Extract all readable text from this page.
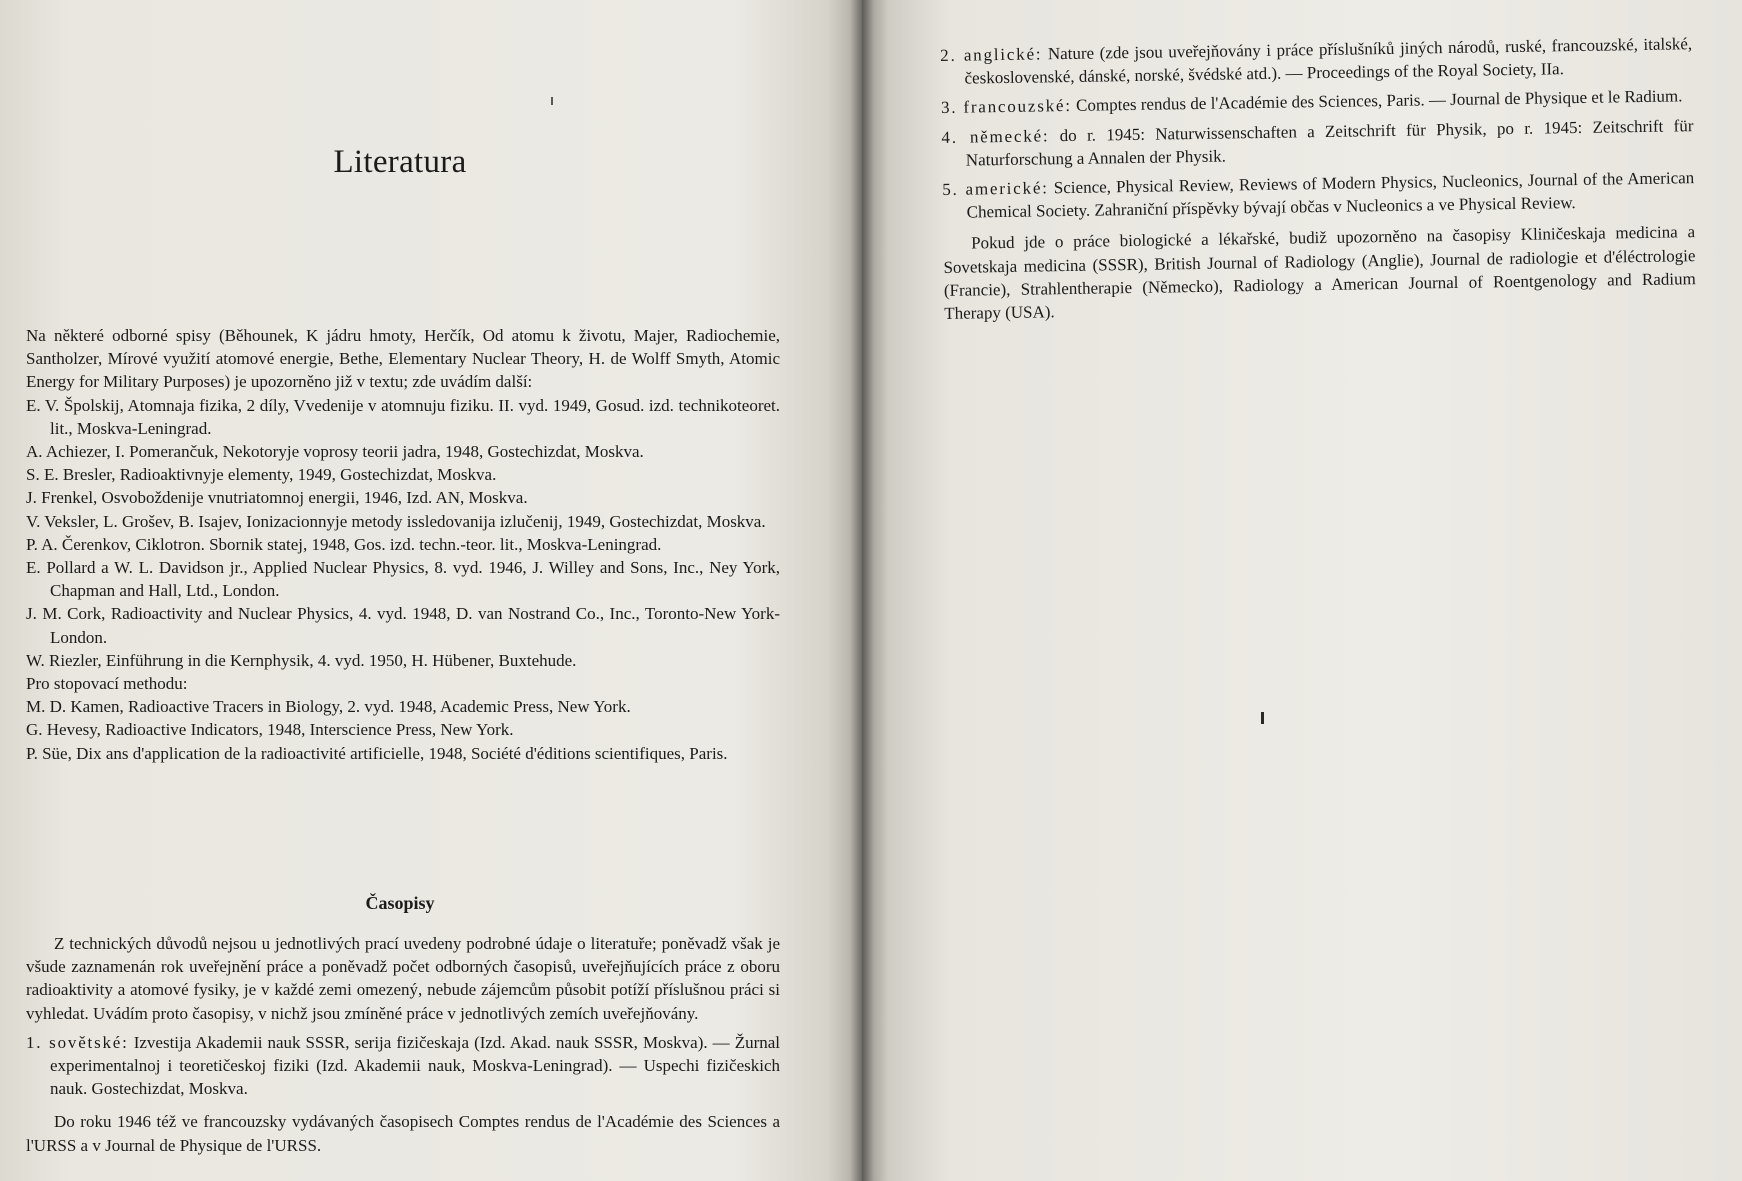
Literatura

Na některé odborné spisy (Běhounek, K jádru hmoty, Herčík, Od atomu k životu, Majer, Radiochemie, Santholzer, Mírové využití atomové energie, Bethe, Elementary Nuclear Theory, H. de Wolff Smyth, Atomic Energy for Military Purposes) je upozorněno již v textu; zde uvádím další:

E. V. Špolskij, Atomnaja fizika, 2 díly, Vvedenije v atomnuju fiziku. II. vyd. 1949, Gosud. izd. technikoteoret. lit., Moskva-Leningrad.

A. Achiezer, I. Pomerančuk, Nekotoryje voprosy teorii jadra, 1948, Gostechizdat, Moskva.

S. E. Bresler, Radioaktivnyje elementy, 1949, Gostechizdat, Moskva.

J. Frenkel, Osvoboždenije vnutriatomnoj energii, 1946, Izd. AN, Moskva.

V. Veksler, L. Grošev, B. Isajev, Ionizacionnyje metody issledovanija izlučenij, 1949, Gostechizdat, Moskva.

P. A. Čerenkov, Ciklotron. Sbornik statej, 1948, Gos. izd. techn.-teor. lit., Moskva-Leningrad.

E. Pollard a W. L. Davidson jr., Applied Nuclear Physics, 8. vyd. 1946, J. Willey and Sons, Inc., Ney York, Chapman and Hall, Ltd., London.

J. M. Cork, Radioactivity and Nuclear Physics, 4. vyd. 1948, D. van Nostrand Co., Inc., Toronto-New York-London.

W. Riezler, Einführung in die Kernphysik, 4. vyd. 1950, H. Hübener, Buxtehude.

Pro stopovací methodu:

M. D. Kamen, Radioactive Tracers in Biology, 2. vyd. 1948, Academic Press, New York.

G. Hevesy, Radioactive Indicators, 1948, Interscience Press, New York.

P. Süe, Dix ans d'application de la radioactivité artificielle, 1948, Société d'éditions scientifiques, Paris.

Časopisy

Z technických důvodů nejsou u jednotlivých prací uvedeny podrobné údaje o literatuře; poněvadž však je všude zaznamenán rok uveřejnění práce a poněvadž počet odborných časopisů, uveřejňujících práce z oboru radioaktivity a atomové fysiky, je v každé zemi omezený, nebude zájemcům působit potíží příslušnou práci si vyhledat. Uvádím proto časopisy, v nichž jsou zmíněné práce v jednotlivých zemích uveřejňovány.

1. sovětské: Izvestija Akademii nauk SSSR, serija fizičeskaja (Izd. Akad. nauk SSSR, Moskva). — Žurnal experimentalnoj i teoretičeskoj fiziki (Izd. Akademii nauk, Moskva-Leningrad). — Uspechi fizičeskich nauk. Gostechizdat, Moskva.

Do roku 1946 též ve francouzsky vydávaných časopisech Comptes rendus de l'Académie des Sciences a l'URSS a v Journal de Physique de l'URSS.

2. anglické: Nature (zde jsou uveřejňovány i práce příslušníků jiných národů, ruské, francouzské, italské, československé, dánské, norské, švédské atd.). — Proceedings of the Royal Society, IIa.

3. francouzské: Comptes rendus de l'Académie des Sciences, Paris. — Journal de Physique et le Radium.

4. německé: do r. 1945: Naturwissenschaften a Zeitschrift für Physik, po r. 1945: Zeitschrift für Naturforschung a Annalen der Physik.

5. americké: Science, Physical Review, Reviews of Modern Physics, Nucleonics, Journal of the American Chemical Society. Zahraniční příspěvky bývají občas v Nucleonics a ve Physical Review.

Pokud jde o práce biologické a lékařské, budiž upozorněno na časopisy Kliničeskaja medicina a Sovetskaja medicina (SSSR), British Journal of Radiology (Anglie), Journal de radiologie et d'éléctrologie (Francie), Strahlentherapie (Německo), Radiology a American Journal of Roentgenology and Radium Therapy (USA).
